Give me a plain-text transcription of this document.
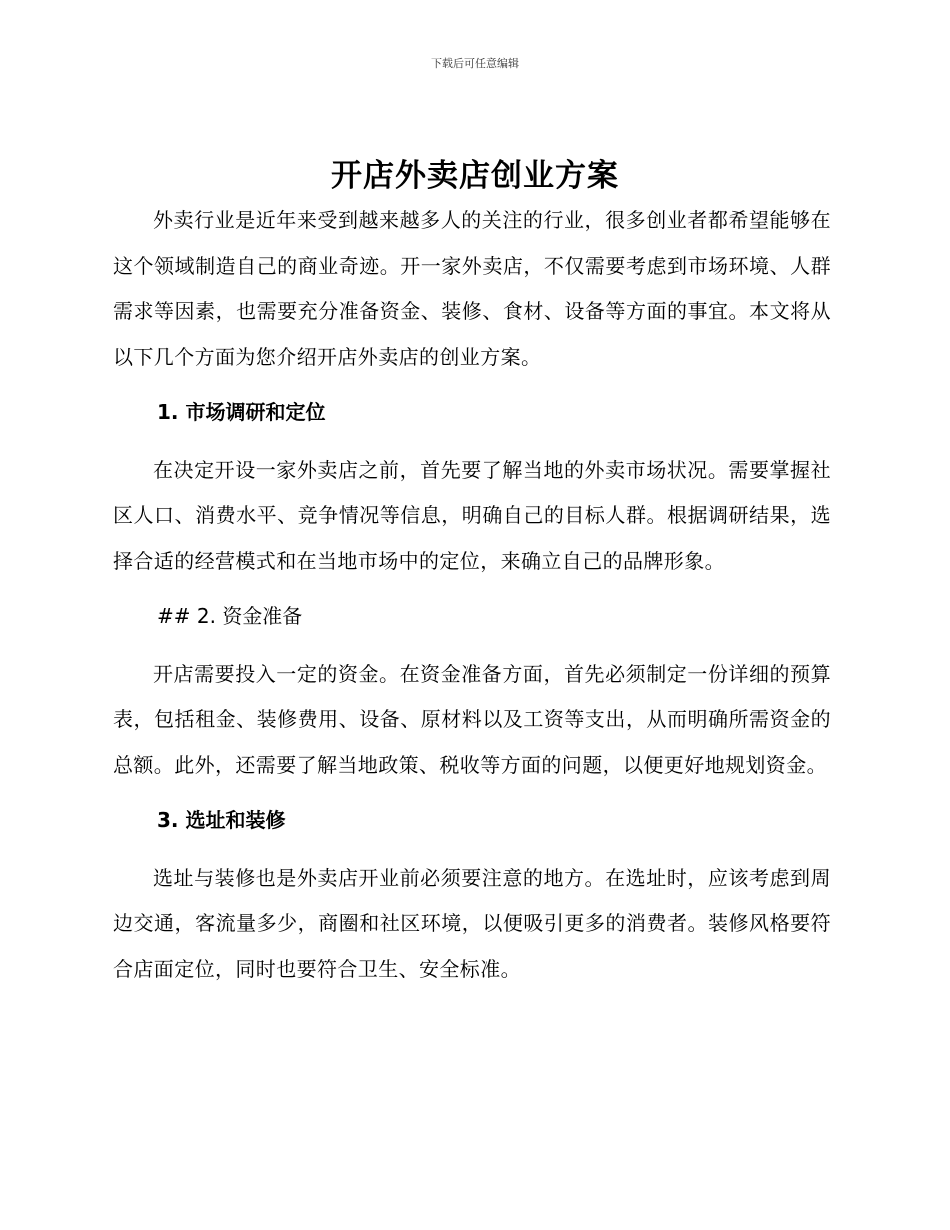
下载后可任意编辑
开店外卖店创业方案

外卖行业是近年来受到越来越多人的关注的行业，很多创业者都希望能够在这个领域制造自己的商业奇迹。开一家外卖店，不仅需要考虑到市场环境、人群需求等因素，也需要充分准备资金、装修、食材、设备等方面的事宜。本文将从以下几个方面为您介绍开店外卖店的创业方案。

1. 市场调研和定位

在决定开设一家外卖店之前，首先要了解当地的外卖市场状况。需要掌握社区人口、消费水平、竞争情况等信息，明确自己的目标人群。根据调研结果，选择合适的经营模式和在当地市场中的定位，来确立自己的品牌形象。

## 2. 资金准备

开店需要投入一定的资金。在资金准备方面，首先必须制定一份详细的预算表，包括租金、装修费用、设备、原材料以及工资等支出，从而明确所需资金的总额。此外，还需要了解当地政策、税收等方面的问题，以便更好地规划资金。

3. 选址和装修

选址与装修也是外卖店开业前必须要注意的地方。在选址时，应该考虑到周边交通，客流量多少，商圈和社区环境，以便吸引更多的消费者。装修风格要符合店面定位，同时也要符合卫生、安全标准。
